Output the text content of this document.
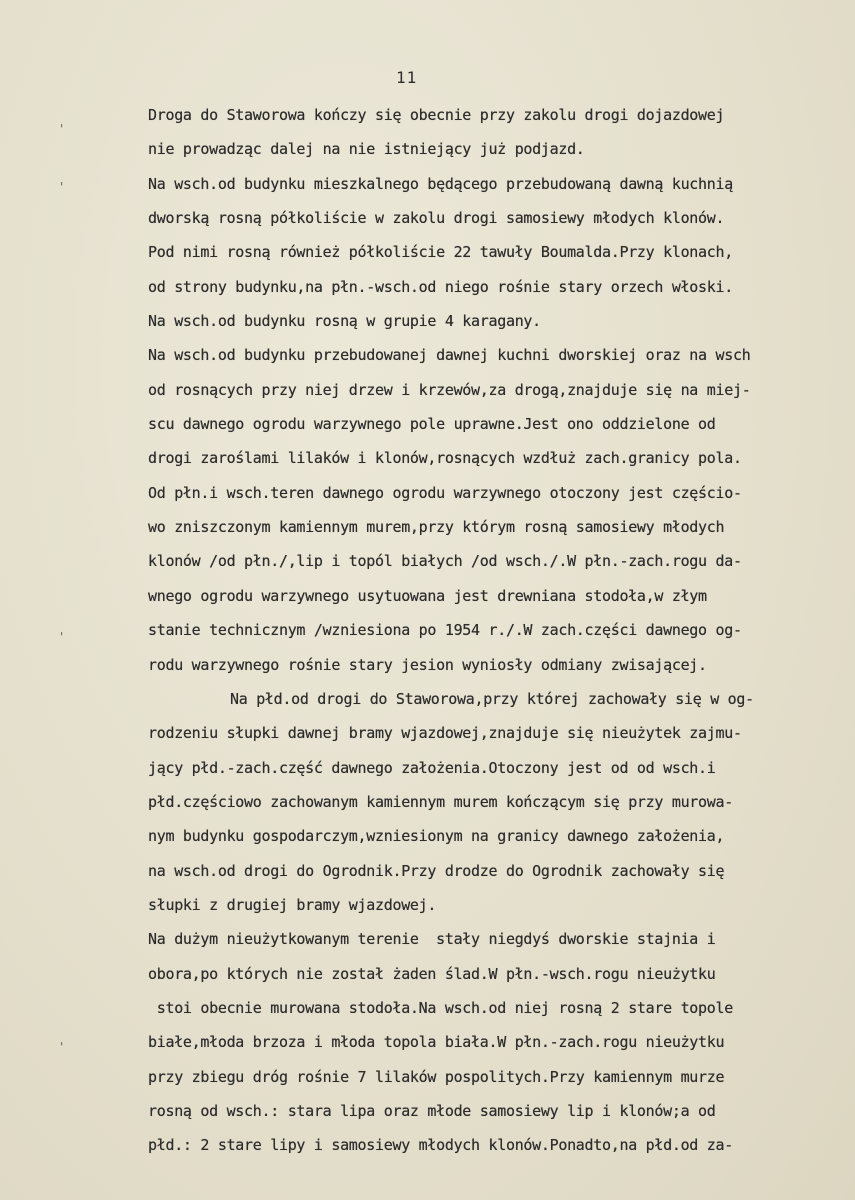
11
'
'
'
'
Droga do Staworowa kończy się obecnie przy zakolu drogi dojazdowej
nie prowadząc dalej na nie istniejący już podjazd.
Na wsch.od budynku mieszkalnego będącego przebudowaną dawną kuchnią
dworską rosną półkoliście w zakolu drogi samosiewy młodych klonów.
Pod nimi rosną również półkoliście 22 tawuły Boumalda.Przy klonach,
od strony budynku,na płn.-wsch.od niego rośnie stary orzech włoski.
Na wsch.od budynku rosną w grupie 4 karagany.
Na wsch.od budynku przebudowanej dawnej kuchni dworskiej oraz na wsch
od rosnących przy niej drzew i krzewów,za drogą,znajduje się na miej-
scu dawnego ogrodu warzywnego pole uprawne.Jest ono oddzielone od
drogi zaroślami lilaków i klonów,rosnących wzdłuż zach.granicy pola.
Od płn.i wsch.teren dawnego ogrodu warzywnego otoczony jest częścio-
wo zniszczonym kamiennym murem,przy którym rosną samosiewy młodych
klonów /od płn./,lip i topól białych /od wsch./.W płn.-zach.rogu da-
wnego ogrodu warzywnego usytuowana jest drewniana stodoła,w złym
stanie technicznym /wzniesiona po 1954 r./.W zach.części dawnego og-
rodu warzywnego rośnie stary jesion wyniosły odmiany zwisającej.
Na płd.od drogi do Staworowa,przy której zachowały się w og-
rodzeniu słupki dawnej bramy wjazdowej,znajduje się nieużytek zajmu-
jący płd.-zach.część dawnego założenia.Otoczony jest od od wsch.i
płd.częściowo zachowanym kamiennym murem kończącym się przy murowa-
nym budynku gospodarczym,wzniesionym na granicy dawnego założenia,
na wsch.od drogi do Ogrodnik.Przy drodze do Ogrodnik zachowały się
słupki z drugiej bramy wjazdowej.
Na dużym nieużytkowanym terenie  stały niegdyś dworskie stajnia i
obora,po których nie został żaden ślad.W płn.-wsch.rogu nieużytku
stoi obecnie murowana stodoła.Na wsch.od niej rosną 2 stare topole
białe,młoda brzoza i młoda topola biała.W płn.-zach.rogu nieużytku
przy zbiegu dróg rośnie 7 lilaków pospolitych.Przy kamiennym murze
rosną od wsch.: stara lipa oraz młode samosiewy lip i klonów;a od
płd.: 2 stare lipy i samosiewy młodych klonów.Ponadto,na płd.od za-
